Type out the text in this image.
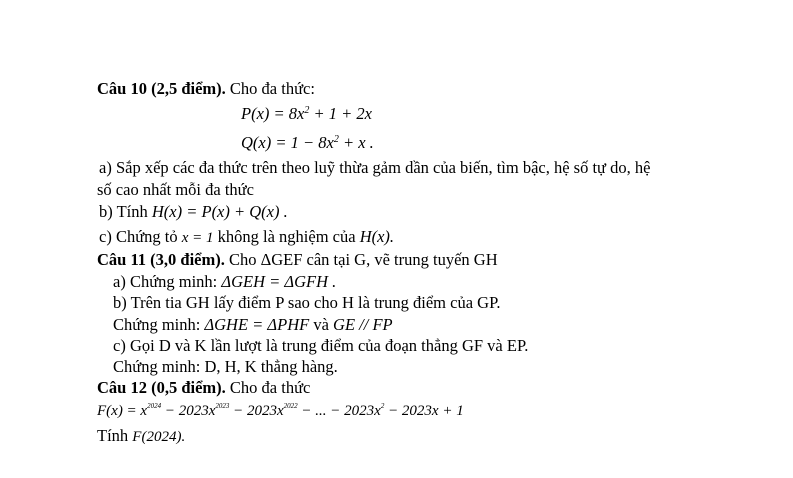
Câu 10 (2,5 điểm). Cho đa thức:
$P(x) = 8x^2 + 1 + 2x$
$Q(x) = 1 - 8x^2 + x$ .
a) Sắp xếp các đa thức trên theo luỹ thừa gảm dần của biến, tìm bậc, hệ số tự do, hệ
số cao nhất mỗi đa thức
b) Tính H(x) = P(x) + Q(x) .
c) Chứng tỏ x = 1 không là nghiệm của H(x).
Câu 11 (3,0 điểm). Cho ΔGEF cân tại G, vẽ trung tuyến GH
a) Chứng minh: ΔGEH = ΔGFH .
b) Trên tia GH lấy điểm P sao cho H là trung điểm của GP.
Chứng minh: ΔGHE = ΔPHF và GE // FP
c) Gọi D và K lần lượt là trung điểm của đoạn thẳng GF và EP.
Chứng minh: D, H, K thẳng hàng.
Câu 12 (0,5 điểm). Cho đa thức
$F(x) = x^{2024} - 2023x^{2023} - 2023x^{2022}$ − ... − $2023x^2 - 2023x + 1$
Tính F(2024).
